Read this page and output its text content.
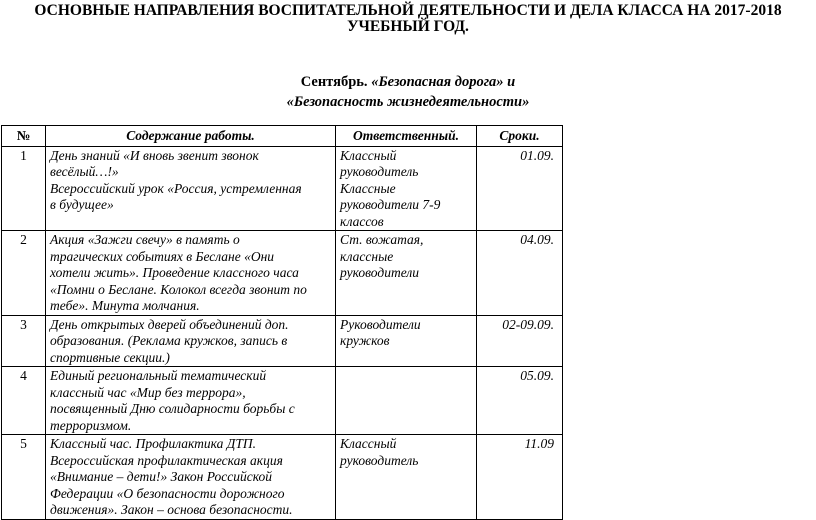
ОСНОВНЫЕ НАПРАВЛЕНИЯ ВОСПИТАТЕЛЬНОЙ ДЕЯТЕЛЬНОСТИ И ДЕЛА КЛАССА НА 2017-2018
УЧЕБНЫЙ ГОД.
Сентябрь. «Безопасная дорога» и
«Безопасность жизнедеятельности»
№	Содержание работы.	Ответственный.	Сроки.
1	День знаний «И вновь звенит звонок
весёлый…!»
Всероссийский урок «Россия, устремленная
в будущее»	Классный
руководитель
Классные
руководители 7-9
классов	01.09.
2	Акция «Зажги свечу» в память о
трагических событиях в Беслане «Они
хотели жить». Проведение классного часа
«Помни о Беслане. Колокол всегда звонит по
тебе». Минута молчания.	Ст. вожатая,
классные
руководители	04.09.
3	День открытых дверей объединений доп.
образования. (Реклама кружков, запись в
спортивные секции.)	Руководители
кружков	02-09.09.
4	Единый региональный тематический
классный час «Мир без террора»,
посвященный Дню солидарности борьбы с
терроризмом.		05.09.
5	Классный час. Профилактика ДТП.
Всероссийская профилактическая акция
«Внимание – дети!» Закон Российской
Федерации «О безопасности дорожного
движения». Закон – основа безопасности.	Классный
руководитель	11.09
